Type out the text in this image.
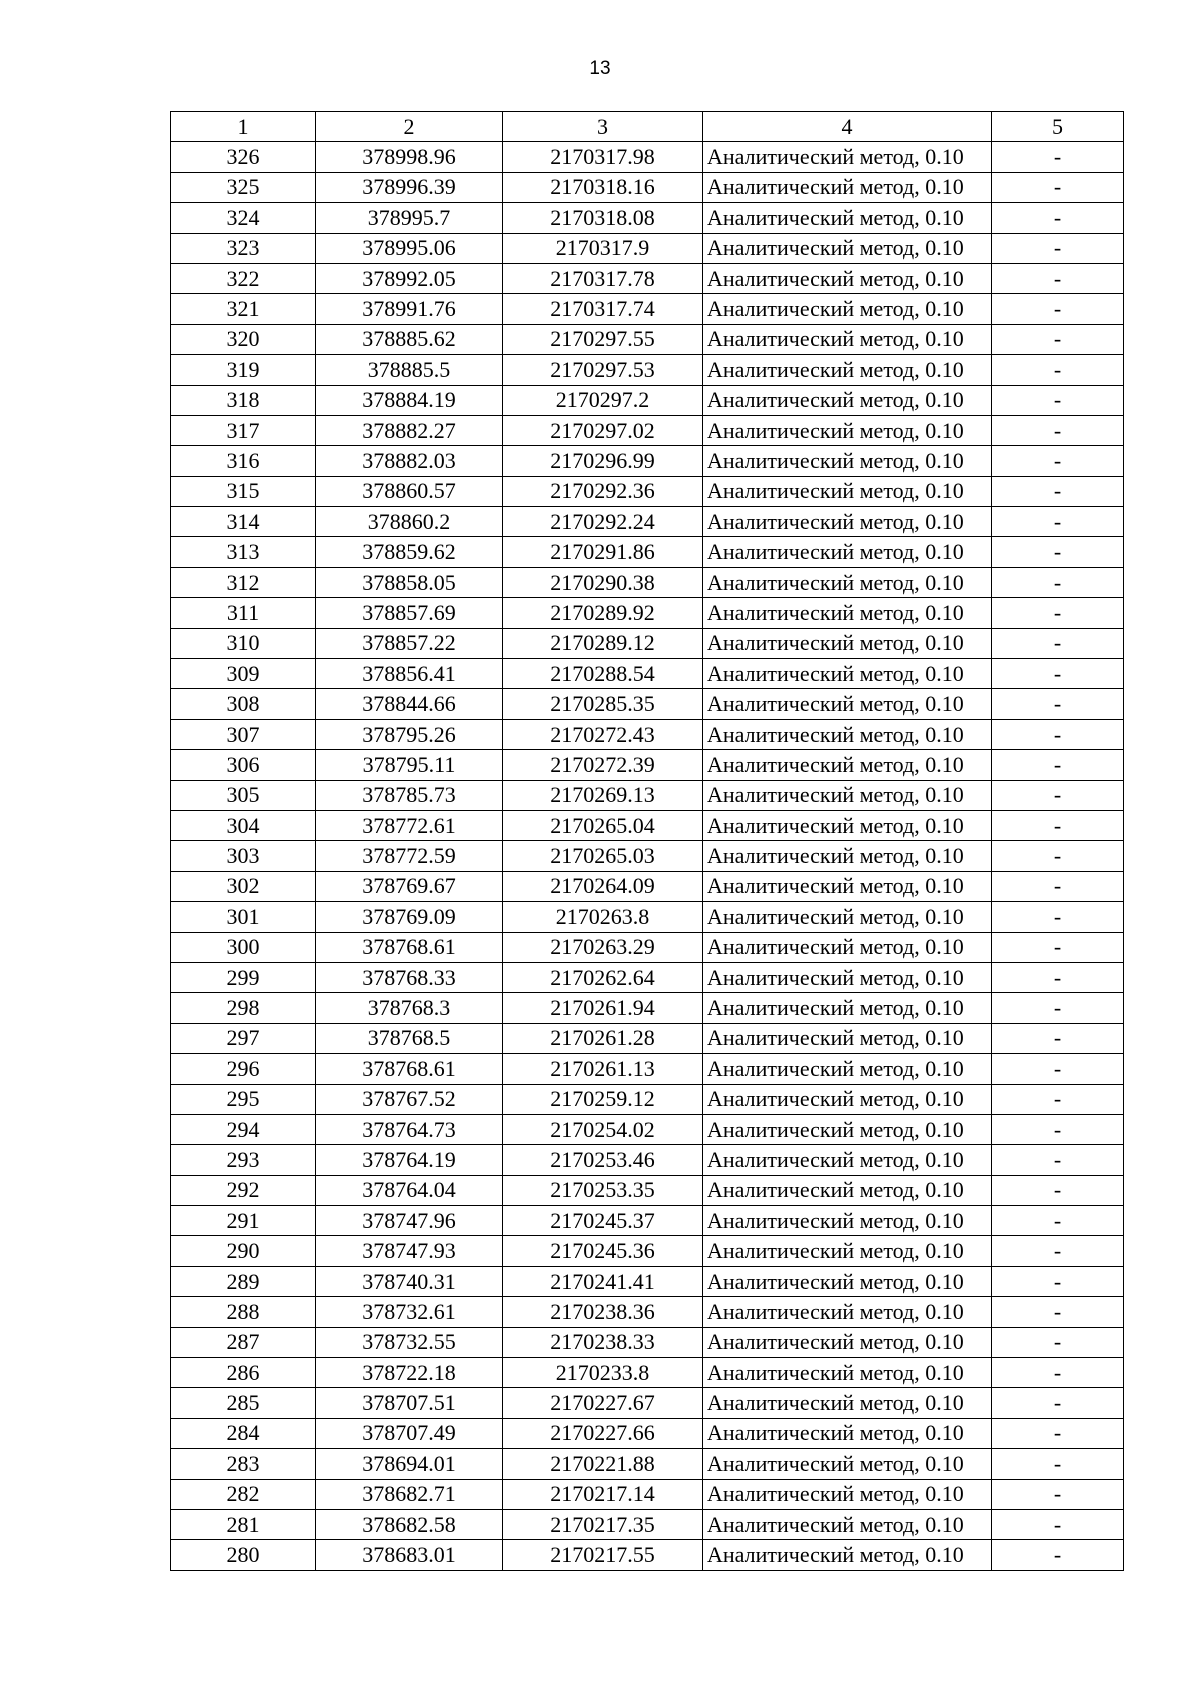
13
1	2	3	4	5
326	378998.96	2170317.98	Аналитический метод, 0.10	-
325	378996.39	2170318.16	Аналитический метод, 0.10	-
324	378995.7	2170318.08	Аналитический метод, 0.10	-
323	378995.06	2170317.9	Аналитический метод, 0.10	-
322	378992.05	2170317.78	Аналитический метод, 0.10	-
321	378991.76	2170317.74	Аналитический метод, 0.10	-
320	378885.62	2170297.55	Аналитический метод, 0.10	-
319	378885.5	2170297.53	Аналитический метод, 0.10	-
318	378884.19	2170297.2	Аналитический метод, 0.10	-
317	378882.27	2170297.02	Аналитический метод, 0.10	-
316	378882.03	2170296.99	Аналитический метод, 0.10	-
315	378860.57	2170292.36	Аналитический метод, 0.10	-
314	378860.2	2170292.24	Аналитический метод, 0.10	-
313	378859.62	2170291.86	Аналитический метод, 0.10	-
312	378858.05	2170290.38	Аналитический метод, 0.10	-
311	378857.69	2170289.92	Аналитический метод, 0.10	-
310	378857.22	2170289.12	Аналитический метод, 0.10	-
309	378856.41	2170288.54	Аналитический метод, 0.10	-
308	378844.66	2170285.35	Аналитический метод, 0.10	-
307	378795.26	2170272.43	Аналитический метод, 0.10	-
306	378795.11	2170272.39	Аналитический метод, 0.10	-
305	378785.73	2170269.13	Аналитический метод, 0.10	-
304	378772.61	2170265.04	Аналитический метод, 0.10	-
303	378772.59	2170265.03	Аналитический метод, 0.10	-
302	378769.67	2170264.09	Аналитический метод, 0.10	-
301	378769.09	2170263.8	Аналитический метод, 0.10	-
300	378768.61	2170263.29	Аналитический метод, 0.10	-
299	378768.33	2170262.64	Аналитический метод, 0.10	-
298	378768.3	2170261.94	Аналитический метод, 0.10	-
297	378768.5	2170261.28	Аналитический метод, 0.10	-
296	378768.61	2170261.13	Аналитический метод, 0.10	-
295	378767.52	2170259.12	Аналитический метод, 0.10	-
294	378764.73	2170254.02	Аналитический метод, 0.10	-
293	378764.19	2170253.46	Аналитический метод, 0.10	-
292	378764.04	2170253.35	Аналитический метод, 0.10	-
291	378747.96	2170245.37	Аналитический метод, 0.10	-
290	378747.93	2170245.36	Аналитический метод, 0.10	-
289	378740.31	2170241.41	Аналитический метод, 0.10	-
288	378732.61	2170238.36	Аналитический метод, 0.10	-
287	378732.55	2170238.33	Аналитический метод, 0.10	-
286	378722.18	2170233.8	Аналитический метод, 0.10	-
285	378707.51	2170227.67	Аналитический метод, 0.10	-
284	378707.49	2170227.66	Аналитический метод, 0.10	-
283	378694.01	2170221.88	Аналитический метод, 0.10	-
282	378682.71	2170217.14	Аналитический метод, 0.10	-
281	378682.58	2170217.35	Аналитический метод, 0.10	-
280	378683.01	2170217.55	Аналитический метод, 0.10	-
